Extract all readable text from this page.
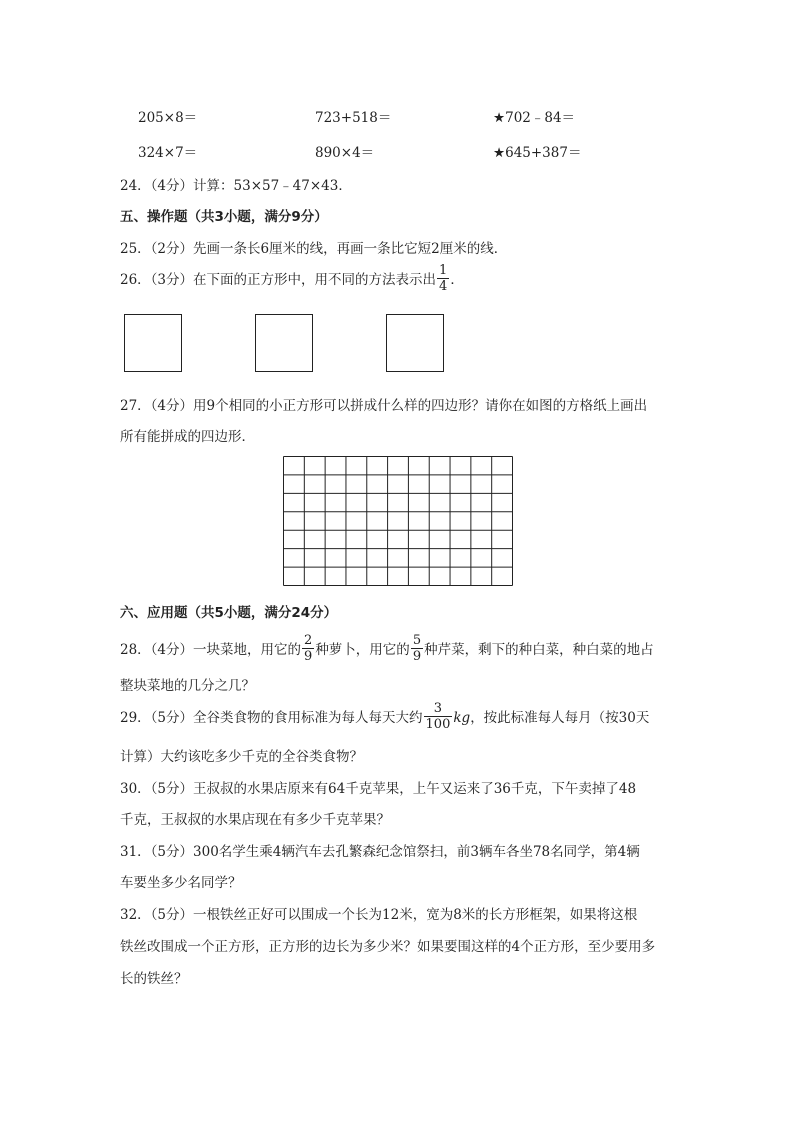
205×8＝	723+518＝	★702﹣84＝
324×7＝	890×4＝	★645+387＝
24．（4分）计算：53×57﹣47×43．
五、操作题（共3小题，满分9分）
25．（2分）先画一条长6厘米的线，再画一条比它短2厘米的线．
26．（3分）在下面的正方形中，用不同的方法表示出 $\frac{1}{4}$ ．
27．（4分）用9个相同的小正方形可以拼成什么样的四边形？请你在如图的方格纸上画出
所有能拼成的四边形．
六、应用题（共5小题，满分24分）
28．（4分）一块菜地，用它的 $\frac{2}{9}$ 种萝卜，用它的 $\frac{5}{9}$ 种芹菜，剩下的种白菜，种白菜的地占
整块菜地的几分之几？
29．（5分）全谷类食物的食用标准为每人每天大约 $\frac{3}{100}$ kg，按此标准每人每月（按30天
计算）大约该吃多少千克的全谷类食物？
30．（5分）王叔叔的水果店原来有64千克苹果，上午又运来了36千克，下午卖掉了48
千克，王叔叔的水果店现在有多少千克苹果？
31．（5分）300名学生乘4辆汽车去孔繁森纪念馆祭扫，前3辆车各坐78名同学，第4辆
车要坐多少名同学？
32．（5分）一根铁丝正好可以围成一个长为12米，宽为8米的长方形框架，如果将这根
铁丝改围成一个正方形，正方形的边长为多少米？如果要围这样的4个正方形，至少要用多
长的铁丝？
